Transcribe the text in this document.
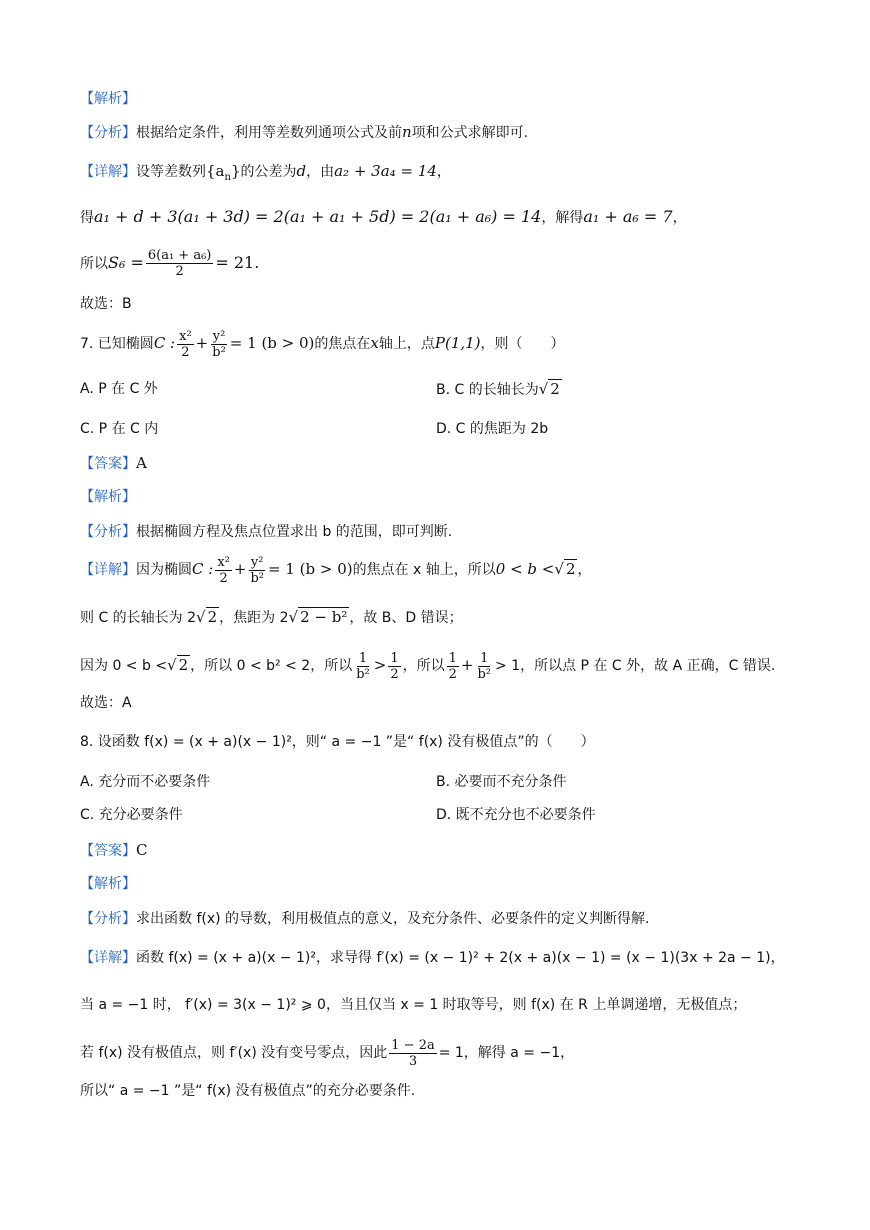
【解析】
【分析】根据给定条件，利用等差数列通项公式及前n项和公式求解即可.
【详解】设等差数列$\{a_n\}$的公差为d，由a₂ + 3a₄ = 14，
得a₁ + d + 3(a₁ + 3d) = 2(a₁ + a₁ + 5d) = 2(a₁ + a₆) = 14，解得a₁ + a₆ = 7，
所以$S_6 = \frac{\text{6(a₁ + a₆)}}{2} = 21$.
故选：B
7. 已知椭圆C : $\frac{\text{x²}}{2} + \frac{\text{y²}}{\text{b²}} = 1$ (b > 0)的焦点在x轴上，点P(1,1)，则（　　）
A. P 在 C 外	B. C 的长轴长为√ 2
C. P 在 C 内	D. C 的焦距为 2b
【答案】A
【解析】
【分析】根据椭圆方程及焦点位置求出 b 的范围，即可判断.
【详解】因为椭圆C : $\frac{\text{x²}}{2} + \frac{\text{y²}}{\text{b²}} = 1$ (b > 0)的焦点在 x 轴上，所以0 < b <√ 2 ，
则 C 的长轴长为 2√ 2 ，焦距为 2√ 2 − b² ，故 B、D 错误；
因为 0 < b <√ 2 ，所以 0 < b² < 2，所以 $\frac{1}{\text{b²}} > \frac{1}{2}$ ，所以 $\frac{1}{2} + \frac{1}{\text{b²}} > 1$，所以点 P 在 C 外，故 A 正确，C 错误.
故选：A
8. 设函数 f(x) = (x + a)(x − 1)²，则“ a = −1 ”是“ f(x) 没有极值点”的（　　）
A. 充分而不必要条件	B. 必要而不充分条件
C. 充分必要条件	D. 既不充分也不必要条件
【答案】C
【解析】
【分析】求出函数 f(x) 的导数，利用极值点的意义，及充分条件、必要条件的定义判断得解.
【详解】函数 f(x) = (x + a)(x − 1)²，求导得 f′(x) = (x − 1)² + 2(x + a)(x − 1) = (x − 1)(3x + 2a − 1)，
当 a = −1 时， f′(x) = 3(x − 1)² ⩾ 0，当且仅当 x = 1 时取等号，则 f(x) 在 R 上单调递增，无极值点；
若 f(x) 没有极值点，则 f′(x) 没有变号零点，因此 $\frac{1 - 2a}{3} = 1$，解得 a = −1，
所以“ a = −1 ”是“ f(x) 没有极值点”的充分必要条件.
